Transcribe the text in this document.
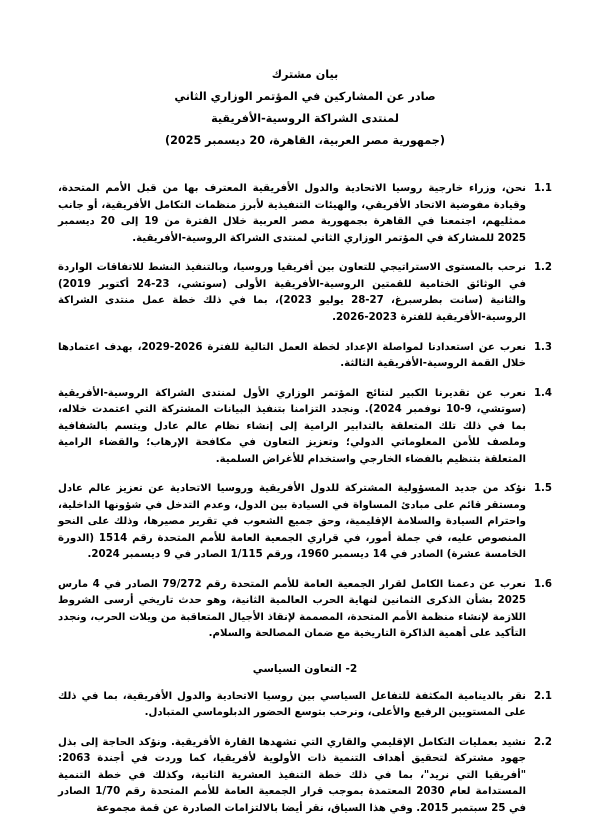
بيان مشترك
صادر عن المشاركين في المؤتمر الوزاري الثاني
لمنتدى الشراكة الروسية-الأفريقية
(جمهورية مصر العربية، القاهرة، 20 ديسمبر 2025)
1.1
نحن، وزراء خارجية روسيا الاتحادية والدول الأفريقية المعترف بها من قبل الأمم المتحدة، وقيادة مفوضية الاتحاد الأفريقي، والهيئات التنفيذية لأبرز منظمات التكامل الأفريقية، أو جانب ممثليهم، اجتمعنا في القاهرة بجمهورية مصر العربية خلال الفترة من 19 إلى 20 ديسمبر 2025 للمشاركة في المؤتمر الوزاري الثاني لمنتدى الشراكة الروسية-الأفريقية.
1.2
نرحب بالمستوى الاستراتيجي للتعاون بين أفريقيا وروسيا، وبالتنفيذ النشط للاتفاقات الواردة في الوثائق الختامية للقمتين الروسية-الأفريقية الأولى (سوتشي، 23-24 أكتوبر 2019) والثانية (سانت بطرسبرغ، 27-28 يوليو 2023)، بما في ذلك خطة عمل منتدى الشراكة الروسية-الأفريقية للفترة 2023-2026.
1.3
نعرب عن استعدادنا لمواصلة الإعداد لخطة العمل التالية للفترة 2026-2029، بهدف اعتمادها خلال القمة الروسية-الأفريقية الثالثة.
1.4
نعرب عن تقديرنا الكبير لنتائج المؤتمر الوزاري الأول لمنتدى الشراكة الروسية-الأفريقية (سوتشي، 9-10 نوفمبر 2024). ونجدد التزامنا بتنفيذ البيانات المشتركة التي اعتمدت خلاله، بما في ذلك تلك المتعلقة بالتدابير الرامية إلى إنشاء نظام عالم عادل ويتسم بالشفافية وملصف للأمن المعلوماتي الدولي؛ وتعزيز التعاون في مكافحة الإرهاب؛ والقضاء الرامية المتعلقة بتنظيم بالفضاء الخارجي واستخدام للأغراض السلمية.
1.5
نؤكد من جديد المسؤولية المشتركة للدول الأفريقية وروسيا الاتحادية عن تعزيز عالم عادل ومستقر قائم على مبادئ المساواة في السيادة بين الدول، وعدم التدخل في شؤونها الداخلية، واحترام السيادة والسلامة الإقليمية، وحق جميع الشعوب في تقرير مصيرها، وذلك على النحو المنصوص عليه، في جملة أمور، في قراري الجمعية العامة للأمم المتحدة رقم 1514 (الدورة الخامسة عشرة) الصادر في 14 ديسمبر 1960، ورقم 1/115 الصادر في 9 ديسمبر 2024.
1.6
نعرب عن دعمنا الكامل لقرار الجمعية العامة للأمم المتحدة رقم 79/272 الصادر في 4 مارس 2025 بشأن الذكرى الثمانين لنهاية الحرب العالمية الثانية، وهو حدث تاريخي أرسى الشروط اللازمة لإنشاء منظمة الأمم المتحدة، المصممة لإنقاذ الأجيال المتعاقبة من ويلات الحرب، ونجدد التأكيد على أهمية الذاكرة التاريخية مع ضمان المصالحة والسلام.
2- التعاون السياسي
2.1
نقر بالدينامية المكثفة للتفاعل السياسي بين روسيا الاتحادية والدول الأفريقية، بما في ذلك على المستويين الرفيع والأعلى، ونرحب بتوسع الحضور الدبلوماسي المتبادل.
2.2
نشيد بعمليات التكامل الإقليمي والقاري التي تشهدها القارة الأفريقية. ونؤكد الحاجة إلى بذل جهود مشتركة لتحقيق أهداف التنمية ذات الأولوية لأفريقيا، كما وردت في أجندة 2063: "أفريقيا التي نريد"، بما في ذلك خطة التنفيذ العشرية الثانية، وكذلك في خطة التنمية المستدامة لعام 2030 المعتمدة بموجب قرار الجمعية العامة للأمم المتحدة رقم 1/70 الصادر في 25 سبتمبر 2015. وفي هذا السياق، نقر أيضا بالالتزامات الصادرة عن قمة مجموعة
